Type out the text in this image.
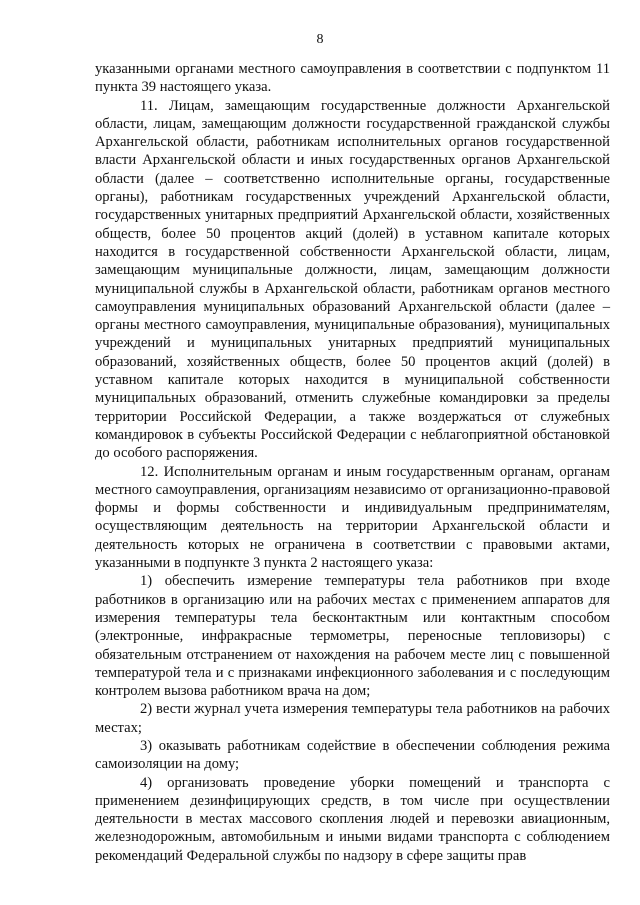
8

указанными органами местного самоуправления в соответствии с подпунктом 11 пункта 39 настоящего указа.

11. Лицам, замещающим государственные должности Архангельской области, лицам, замещающим должности государственной гражданской службы Архангельской области, работникам исполнительных органов государственной власти Архангельской области и иных государственных органов Архангельской области (далее – соответственно исполнительные органы, государственные органы), работникам государственных учреждений Архангельской области, государственных унитарных предприятий Архангельской области, хозяйственных обществ, более 50 процентов акций (долей) в уставном капитале которых находится в государственной собственности Архангельской области, лицам, замещающим муниципальные должности, лицам, замещающим должности муниципальной службы в Архангельской области, работникам органов местного самоуправления муниципальных образований Архангельской области (далее – органы местного самоуправления, муниципальные образования), муниципальных учреждений и муниципальных унитарных предприятий муниципальных образований, хозяйственных обществ, более 50 процентов акций (долей) в уставном капитале которых находится в муниципальной собственности муниципальных образований, отменить служебные командировки за пределы территории Российской Федерации, а также воздержаться от служебных командировок в субъекты Российской Федерации с неблагоприятной обстановкой до особого распоряжения.

12. Исполнительным органам и иным государственным органам, органам местного самоуправления, организациям независимо от организационно-правовой формы и формы собственности и индивидуальным предпринимателям, осуществляющим деятельность на территории Архангельской области и деятельность которых не ограничена в соответствии с правовыми актами, указанными в подпункте 3 пункта 2 настоящего указа:

1) обеспечить измерение температуры тела работников при входе работников в организацию или на рабочих местах с применением аппаратов для измерения температуры тела бесконтактным или контактным способом (электронные, инфракрасные термометры, переносные тепловизоры) с обязательным отстранением от нахождения на рабочем месте лиц с повышенной температурой тела и с признаками инфекционного заболевания и с последующим контролем вызова работником врача на дом;

2) вести журнал учета измерения температуры тела работников на рабочих местах;

3) оказывать работникам содействие в обеспечении соблюдения режима самоизоляции на дому;

4) организовать проведение уборки помещений и транспорта с применением дезинфицирующих средств, в том числе при осуществлении деятельности в местах массового скопления людей и перевозки авиационным, железнодорожным, автомобильным и иными видами транспорта с соблюдением рекомендаций Федеральной службы по надзору в сфере защиты прав
